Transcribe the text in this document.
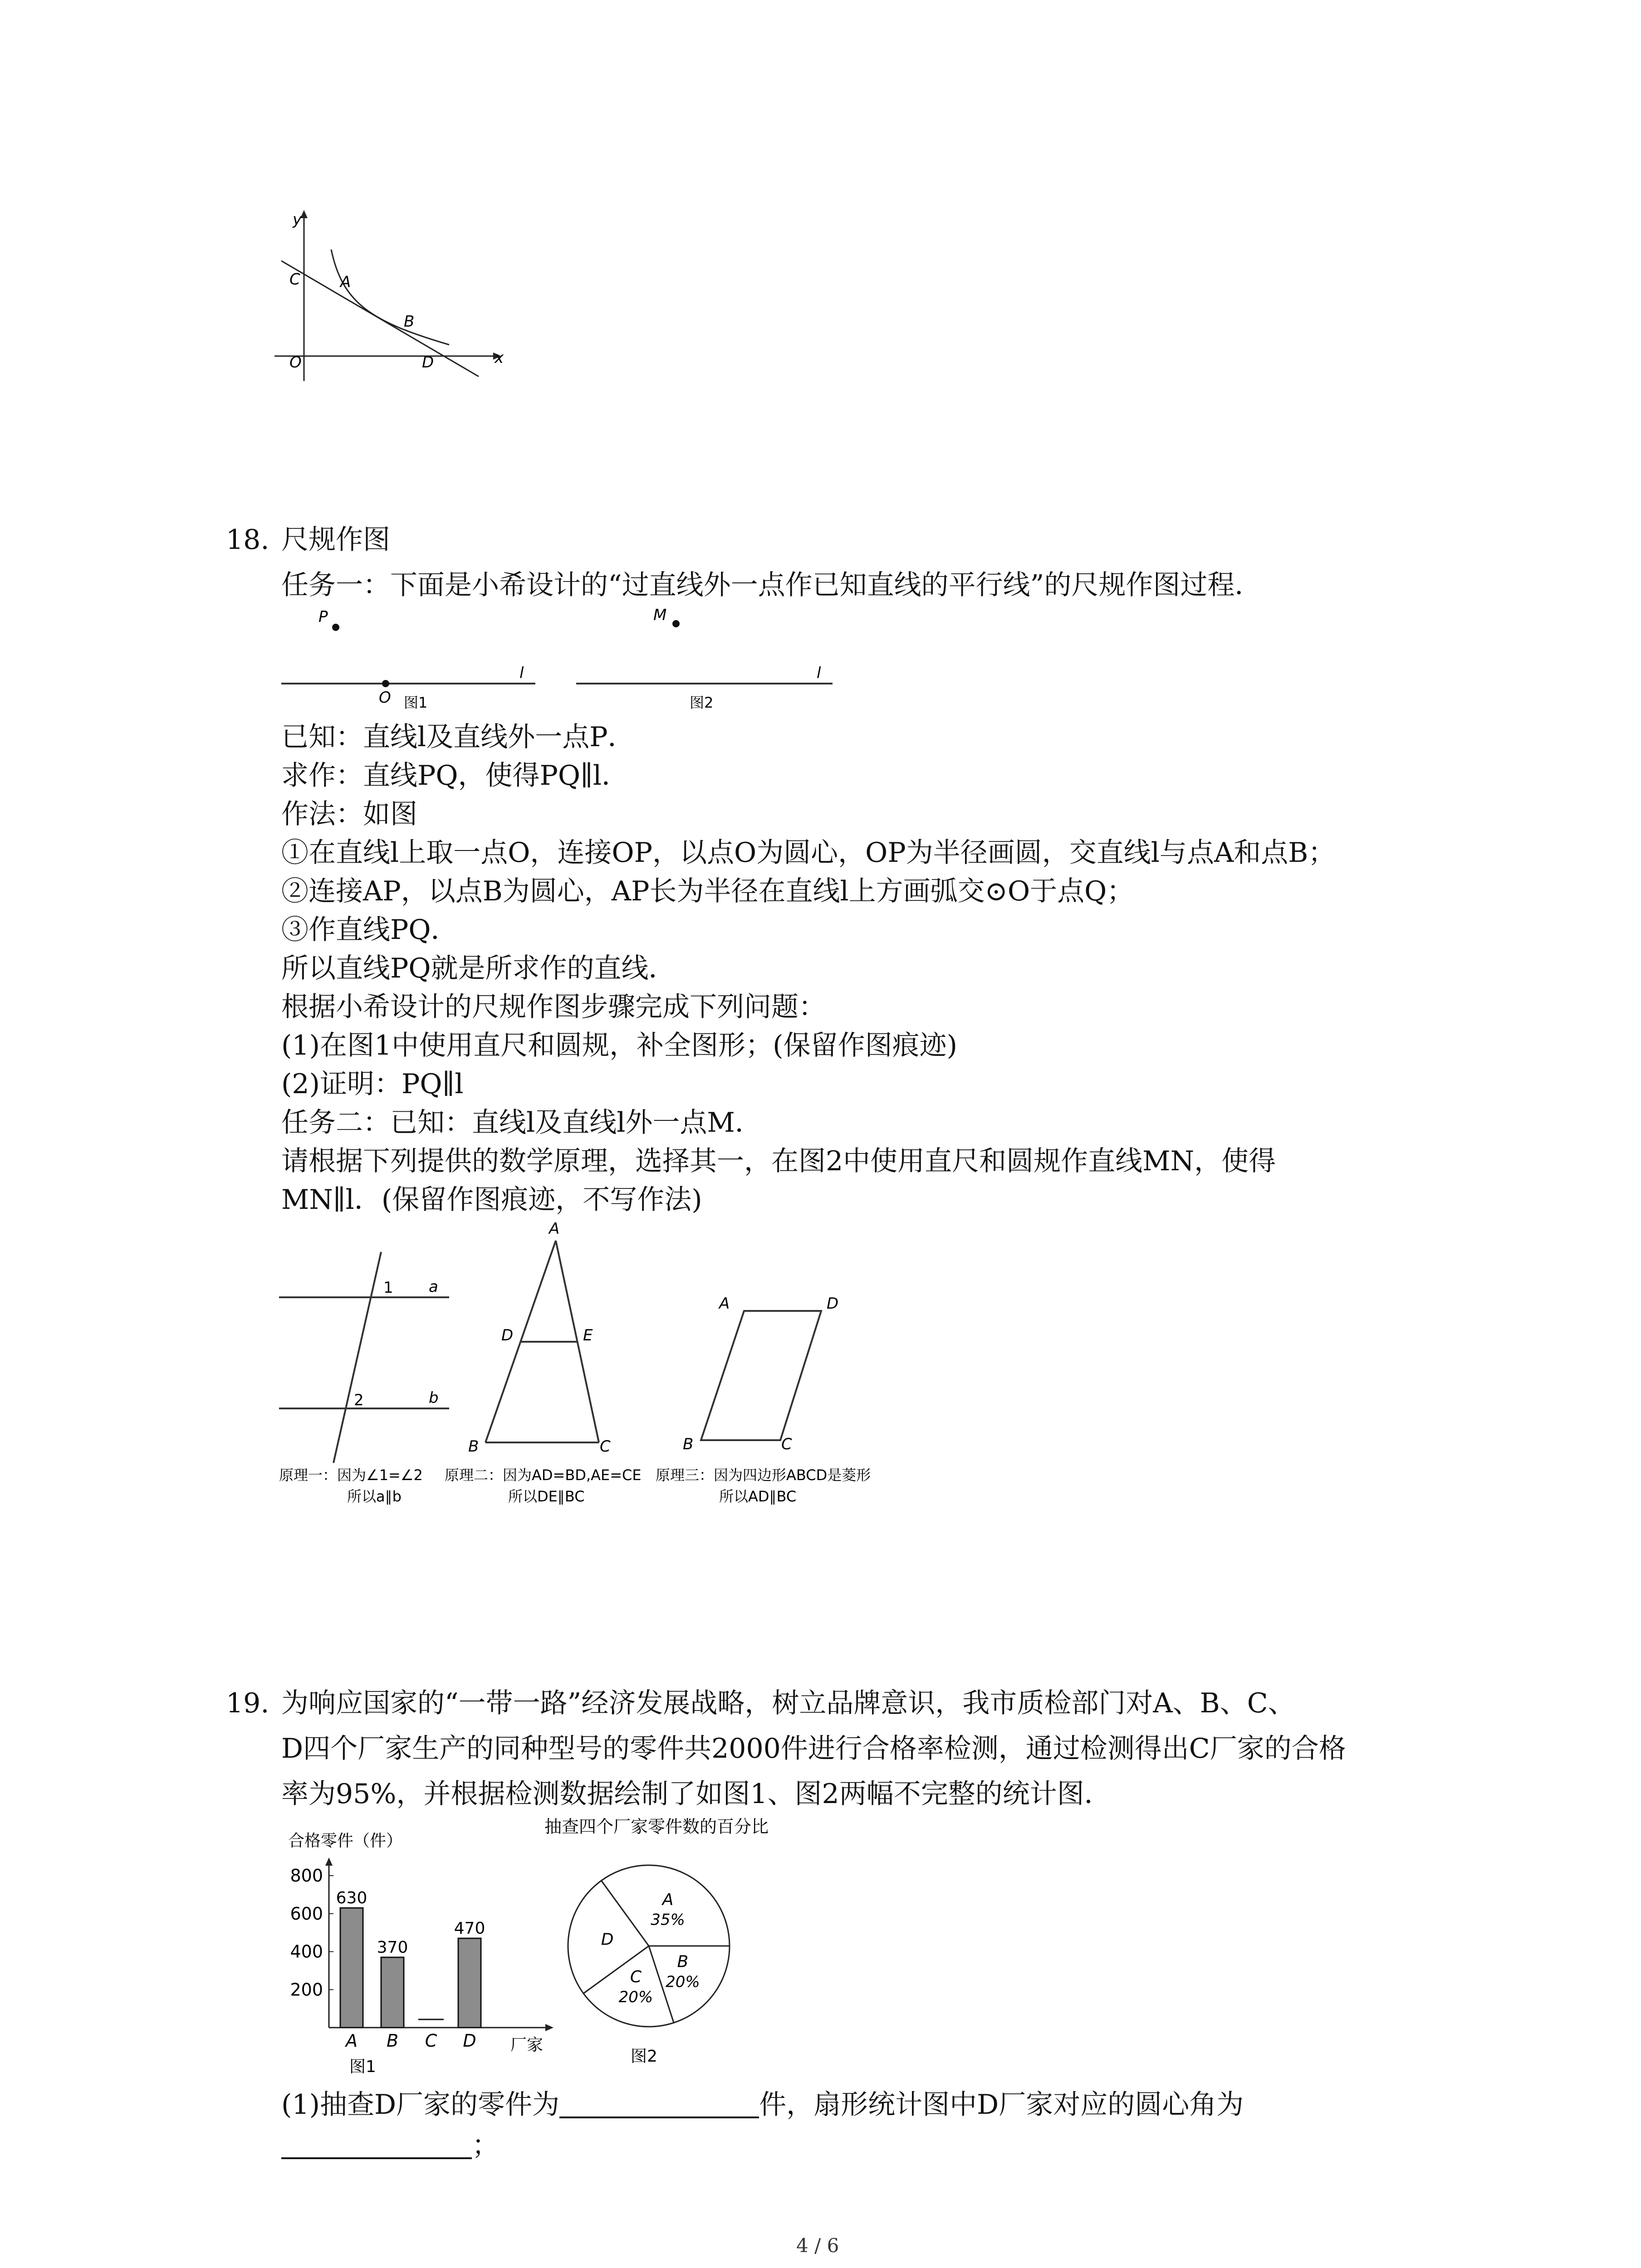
y
x
C	A
B
O	D
18. 尺规作图
任务一：下面是小希设计的“过直线外一点作已知直线的平行线”的尺规作图过程．
P
O
l
图1
M
l
图2
已知：直线l及直线外一点P．
求作：直线PQ，使得PQ∥l．
作法：如图
①在直线l上取一点O，连接OP，以点O为圆心，OP为半径画圆，交直线l与点A和点B；
②连接AP，以点B为圆心，AP长为半径在直线l上方画弧交⊙O于点Q；
③作直线PQ．
所以直线PQ就是所求作的直线．
根据小希设计的尺规作图步骤完成下列问题：
(1)在图1中使用直尺和圆规，补全图形；(保留作图痕迹)
(2)证明：PQ∥l
任务二：已知：直线l及直线l外一点M．
请根据下列提供的数学原理，选择其一，在图2中使用直尺和圆规作直线MN，使得
MN∥l．(保留作图痕迹，不写作法)
1
2
a
b
原理一：因为∠1=∠2
所以a∥b
A
D	E
B	C
原理二：因为AD=BD,AE=CE
所以DE∥BC
A	D
B	C
原理三：因为四边形ABCD是菱形
所以AD∥BC
19. 为响应国家的“一带一路”经济发展战略，树立品牌意识，我市质检部门对A、B、C、
D四个厂家生产的同种型号的零件共2000件进行合格率检测，通过检测得出C厂家的合格
率为95%，并根据检测数据绘制了如图1、图2两幅不完整的统计图．
合格零件（件）
厂家
图1
200
400
600
800
A
630
B
370
C D
470
抽查四个厂家零件数的百分比
图2
A
35%
B
20%
C
20%
D
(1)抽查D厂家的零件为	件，扇形统计图中D厂家对应的圆心角为
；
4 / 6
